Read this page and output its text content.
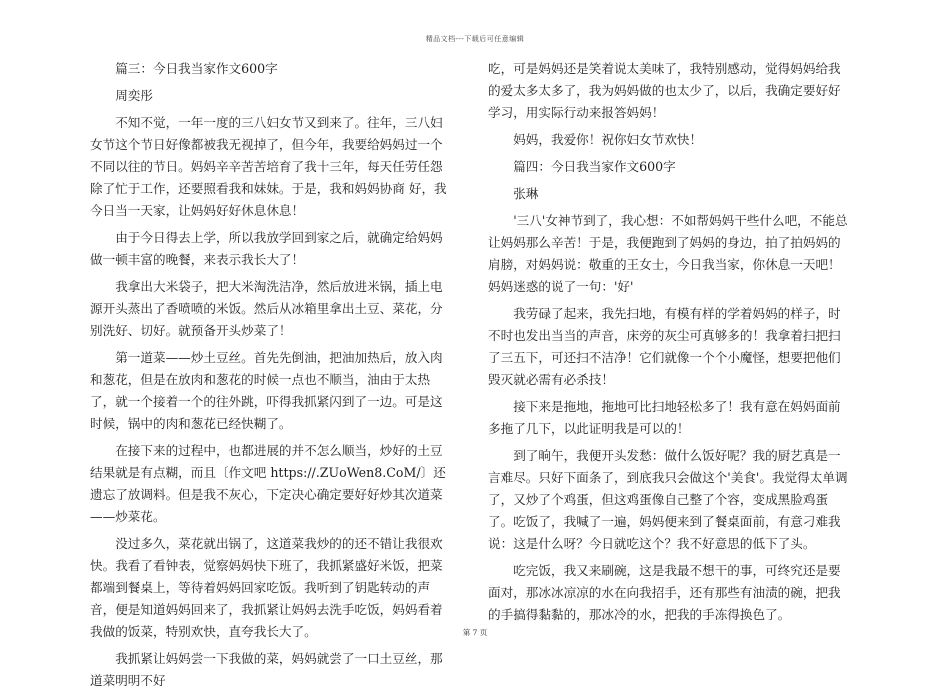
精品文档---下载后可任意编辑

篇三：今日我当家作文600字

周奕彤

不知不觉，一年一度的三八妇女节又到来了。往年，三八妇女节这个节日好像都被我无视掉了，但今年，我要给妈妈过一个不同以往的节日。妈妈辛辛苦苦培育了我十三年，每天任劳任怨除了忙于工作，还要照看我和妹妹。于是，我和妈妈协商 好，我今日当一天家，让妈妈好好休息休息！

由于今日得去上学，所以我放学回到家之后，就确定给妈妈做一顿丰富的晚餐，来表示我长大了！

我拿出大米袋子，把大米淘洗洁净，然后放进米锅，插上电源开头蒸出了香喷喷的米饭。然后从冰箱里拿出土豆、菜花，分别洗好、切好。就预备开头炒菜了！

第一道菜——炒土豆丝。首先先倒油，把油加热后，放入肉和葱花，但是在放肉和葱花的时候一点也不顺当，油由于太热了，就一个接着一个的往外跳，吓得我抓紧闪到了一边。可是这时候，锅中的肉和葱花已经快糊了。

在接下来的过程中，也都进展的并不怎么顺当，炒好的土豆结果就是有点糊，而且〔作文吧 https://.ZUoWen8.CoM/〕还遗忘了放调料。但是我不灰心，下定决心确定要好好炒其次道菜——炒菜花。

没过多久，菜花就出锅了，这道菜我炒的的还不错让我很欢快。我看了看钟表，觉察妈妈快下班了，我抓紧盛好米饭，把菜都端到餐桌上，等待着妈妈回家吃饭。我听到了钥匙转动的声音，便是知道妈妈回来了，我抓紧让妈妈去洗手吃饭，妈妈看着我做的饭菜，特别欢快，直夸我长大了。

我抓紧让妈妈尝一下我做的菜，妈妈就尝了一口土豆丝，那道菜明明不好

吃，可是妈妈还是笑着说太美味了，我特别感动，觉得妈妈给我的爱太多太多了，我为妈妈做的也太少了，以后，我确定要好好学习，用实际行动来报答妈妈！

妈妈，我爱你！祝你妇女节欢快！

篇四：今日我当家作文600字

张琳

'三八'女神节到了，我心想：不如帮妈妈干些什么吧，不能总让妈妈那么辛苦！于是，我便跑到了妈妈的身边，拍了拍妈妈的肩膀，对妈妈说：敬重的王女士，今日我当家，你休息一天吧！妈妈迷惑的说了一句：'好'

我劳碌了起来，我先扫地，有模有样的学着妈妈的样子，时不时也发出当当的声音，床旁的灰尘可真够多的！我拿着扫把扫了三五下，可还扫不洁净！它们就像一个个小魔怪，想要把他们毁灭就必需有必杀技！

接下来是拖地，拖地可比扫地轻松多了！我有意在妈妈面前多拖了几下，以此证明我是可以的！

到了晌午，我便开头发愁：做什么饭好呢？我的厨艺真是一言难尽。只好下面条了，到底我只会做这个'美食'。我觉得太单调了，又炒了个鸡蛋，但这鸡蛋像自己整了个容，变成黑脸鸡蛋了。吃饭了，我喊了一遍，妈妈便来到了餐桌面前，有意刁难我说：这是什么呀？今日就吃这个？我不好意思的低下了头。

吃完饭，我又来刷碗，这是我最不想干的事，可终究还是要面对，那冰冰凉凉的水在向我招手，还有那些有油渍的碗，把我的手搞得黏黏的，那冰冷的水，把我的手冻得换色了。

第 7 页
